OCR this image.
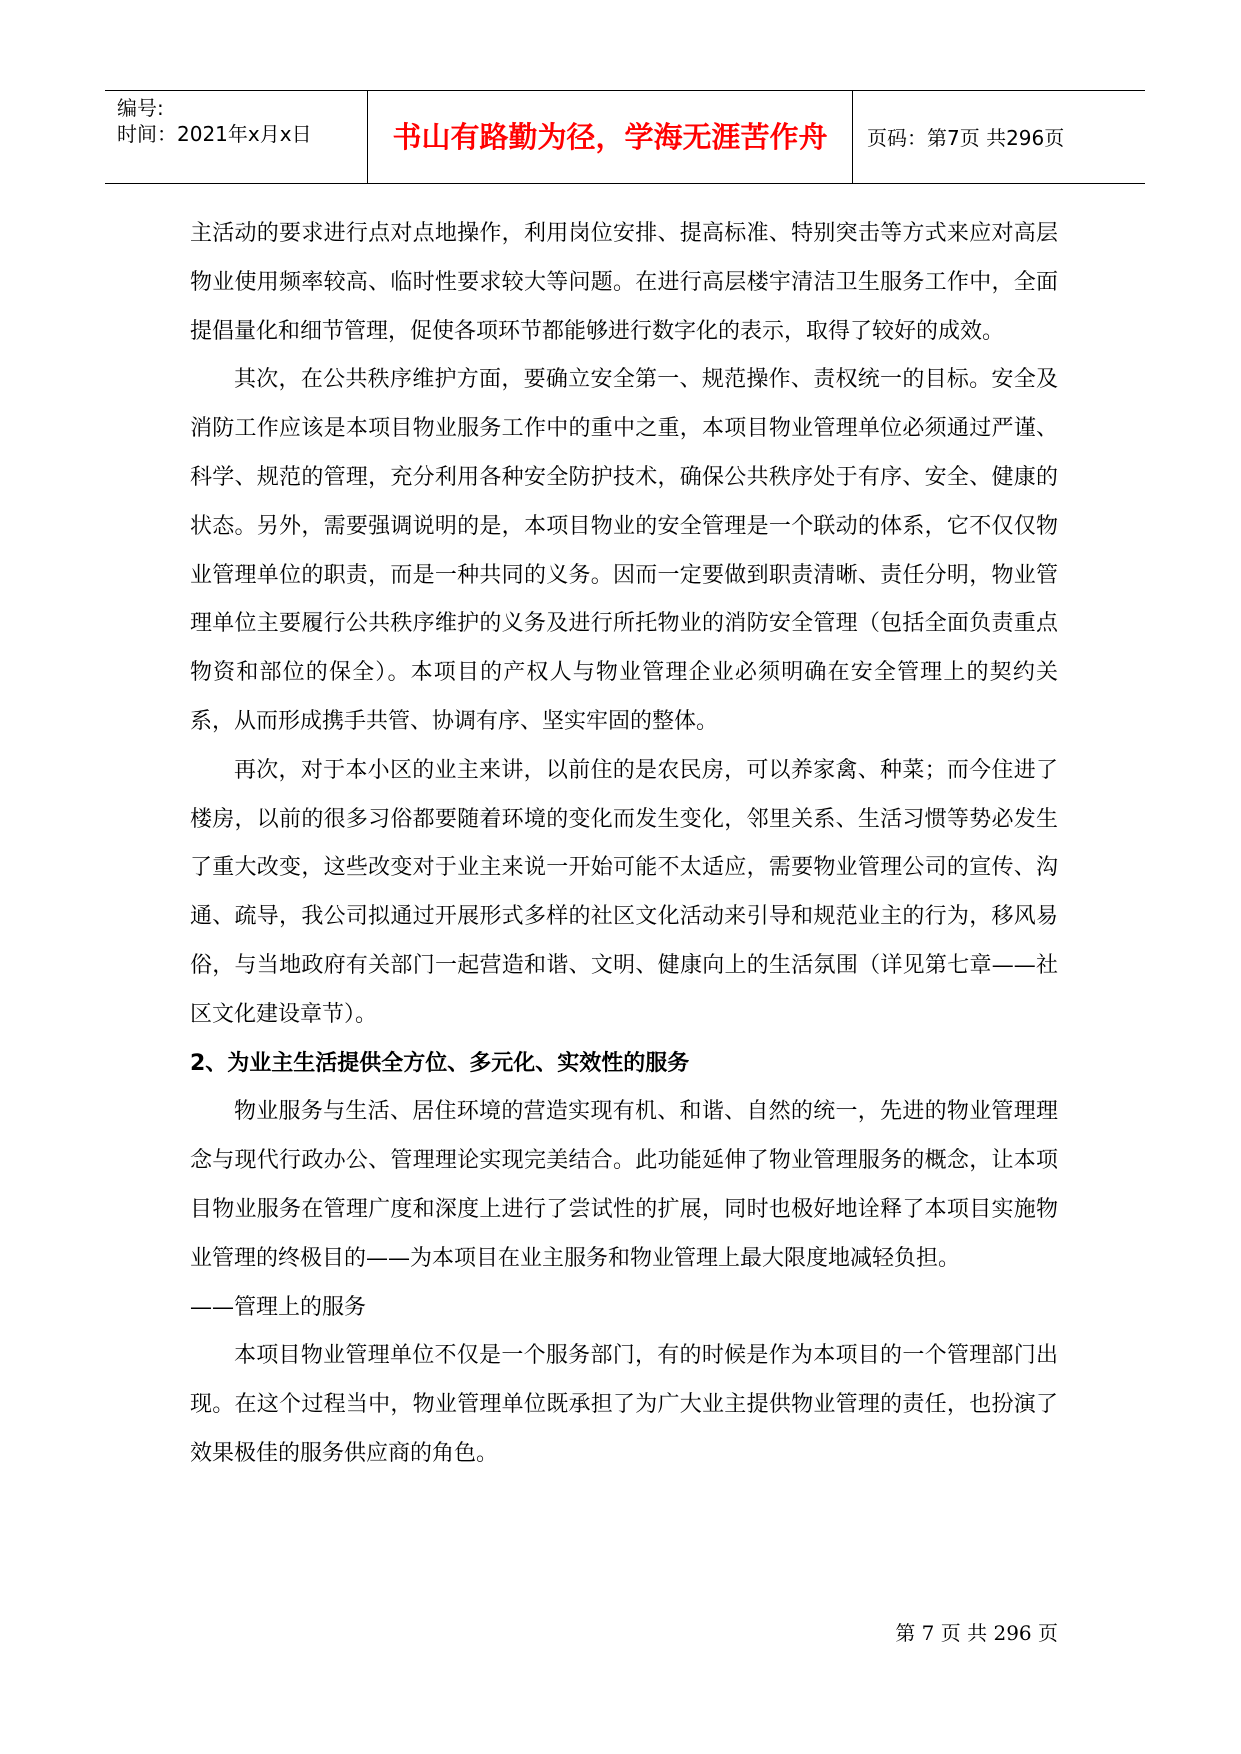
编号:
时间：2021年x月x日	书山有路勤为径，学海无涯苦作舟	页码：第7页 共296页

主活动的要求进行点对点地操作，利用岗位安排、提高标准、特别突击等方式来应对高层物业使用频率较高、临时性要求较大等问题。在进行高层楼宇清洁卫生服务工作中，全面提倡量化和细节管理，促使各项环节都能够进行数字化的表示，取得了较好的成效。

其次，在公共秩序维护方面，要确立安全第一、规范操作、责权统一的目标。安全及消防工作应该是本项目物业服务工作中的重中之重，本项目物业管理单位必须通过严谨、科学、规范的管理，充分利用各种安全防护技术，确保公共秩序处于有序、安全、健康的状态。另外，需要强调说明的是，本项目物业的安全管理是一个联动的体系，它不仅仅物业管理单位的职责，而是一种共同的义务。因而一定要做到职责清晰、责任分明，物业管理单位主要履行公共秩序维护的义务及进行所托物业的消防安全管理（包括全面负责重点物资和部位的保全）。本项目的产权人与物业管理企业必须明确在安全管理上的契约关系，从而形成携手共管、协调有序、坚实牢固的整体。

再次，对于本小区的业主来讲，以前住的是农民房，可以养家禽、种菜；而今住进了楼房，以前的很多习俗都要随着环境的变化而发生变化，邻里关系、生活习惯等势必发生了重大改变，这些改变对于业主来说一开始可能不太适应，需要物业管理公司的宣传、沟通、疏导，我公司拟通过开展形式多样的社区文化活动来引导和规范业主的行为，移风易俗，与当地政府有关部门一起营造和谐、文明、健康向上的生活氛围（详见第七章——社区文化建设章节）。

2、为业主生活提供全方位、多元化、实效性的服务

物业服务与生活、居住环境的营造实现有机、和谐、自然的统一，先进的物业管理理念与现代行政办公、管理理论实现完美结合。此功能延伸了物业管理服务的概念，让本项目物业服务在管理广度和深度上进行了尝试性的扩展，同时也极好地诠释了本项目实施物业管理的终极目的——为本项目在业主服务和物业管理上最大限度地减轻负担。

——管理上的服务

本项目物业管理单位不仅是一个服务部门，有的时候是作为本项目的一个管理部门出现。在这个过程当中，物业管理单位既承担了为广大业主提供物业管理的责任，也扮演了效果极佳的服务供应商的角色。

第 7 页 共 296 页
